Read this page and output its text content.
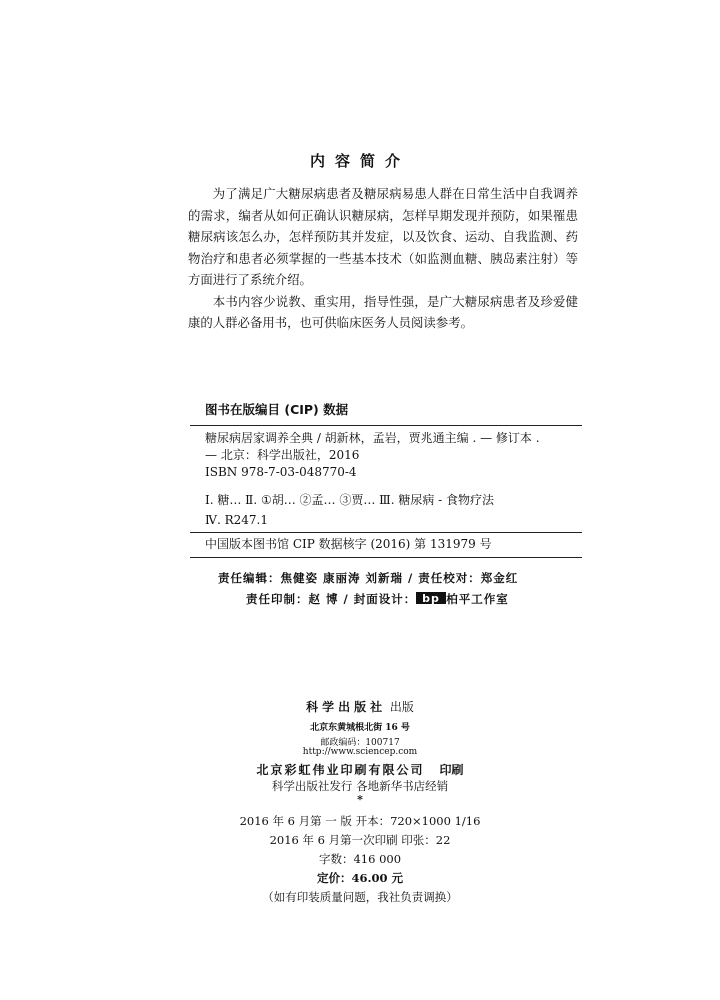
内容简介

为了满足广大糖尿病患者及糖尿病易患人群在日常生活中自我调养的需求，编者从如何正确认识糖尿病，怎样早期发现并预防，如果罹患糖尿病该怎么办，怎样预防其并发症，以及饮食、运动、自我监测、药物治疗和患者必须掌握的一些基本技术（如监测血糖、胰岛素注射）等方面进行了系统介绍。

本书内容少说教、重实用，指导性强，是广大糖尿病患者及珍爱健康的人群必备用书，也可供临床医务人员阅读参考。

图书在版编目 (CIP) 数据
糖尿病居家调养全典 / 胡新林，孟岩，贾兆通主编 . — 修订本 .
— 北京：科学出版社，2016
ISBN 978-7-03-048770-4
Ⅰ. 糖… Ⅱ. ①胡… ②孟… ③贾… Ⅲ. 糖尿病 - 食物疗法
Ⅳ. R247.1
中国版本图书馆 CIP 数据核字 (2016) 第 131979 号
责任编辑：焦健姿 康丽涛 刘新瑞 / 责任校对：郑金红
责任印制：赵 博 / 封面设计： bp 柏平工作室
科学出版社 出版
北京东黄城根北街 16 号
邮政编码：100717
http://www.sciencep.com
北京彩虹伟业印刷有限公司 印刷
科学出版社发行 各地新华书店经销
*
2016 年 6 月第 一 版 开本：720×1000 1/16
2016 年 6 月第一次印刷 印张：22
字数：416 000
定价：46.00 元
（如有印装质量问题，我社负责调换）
